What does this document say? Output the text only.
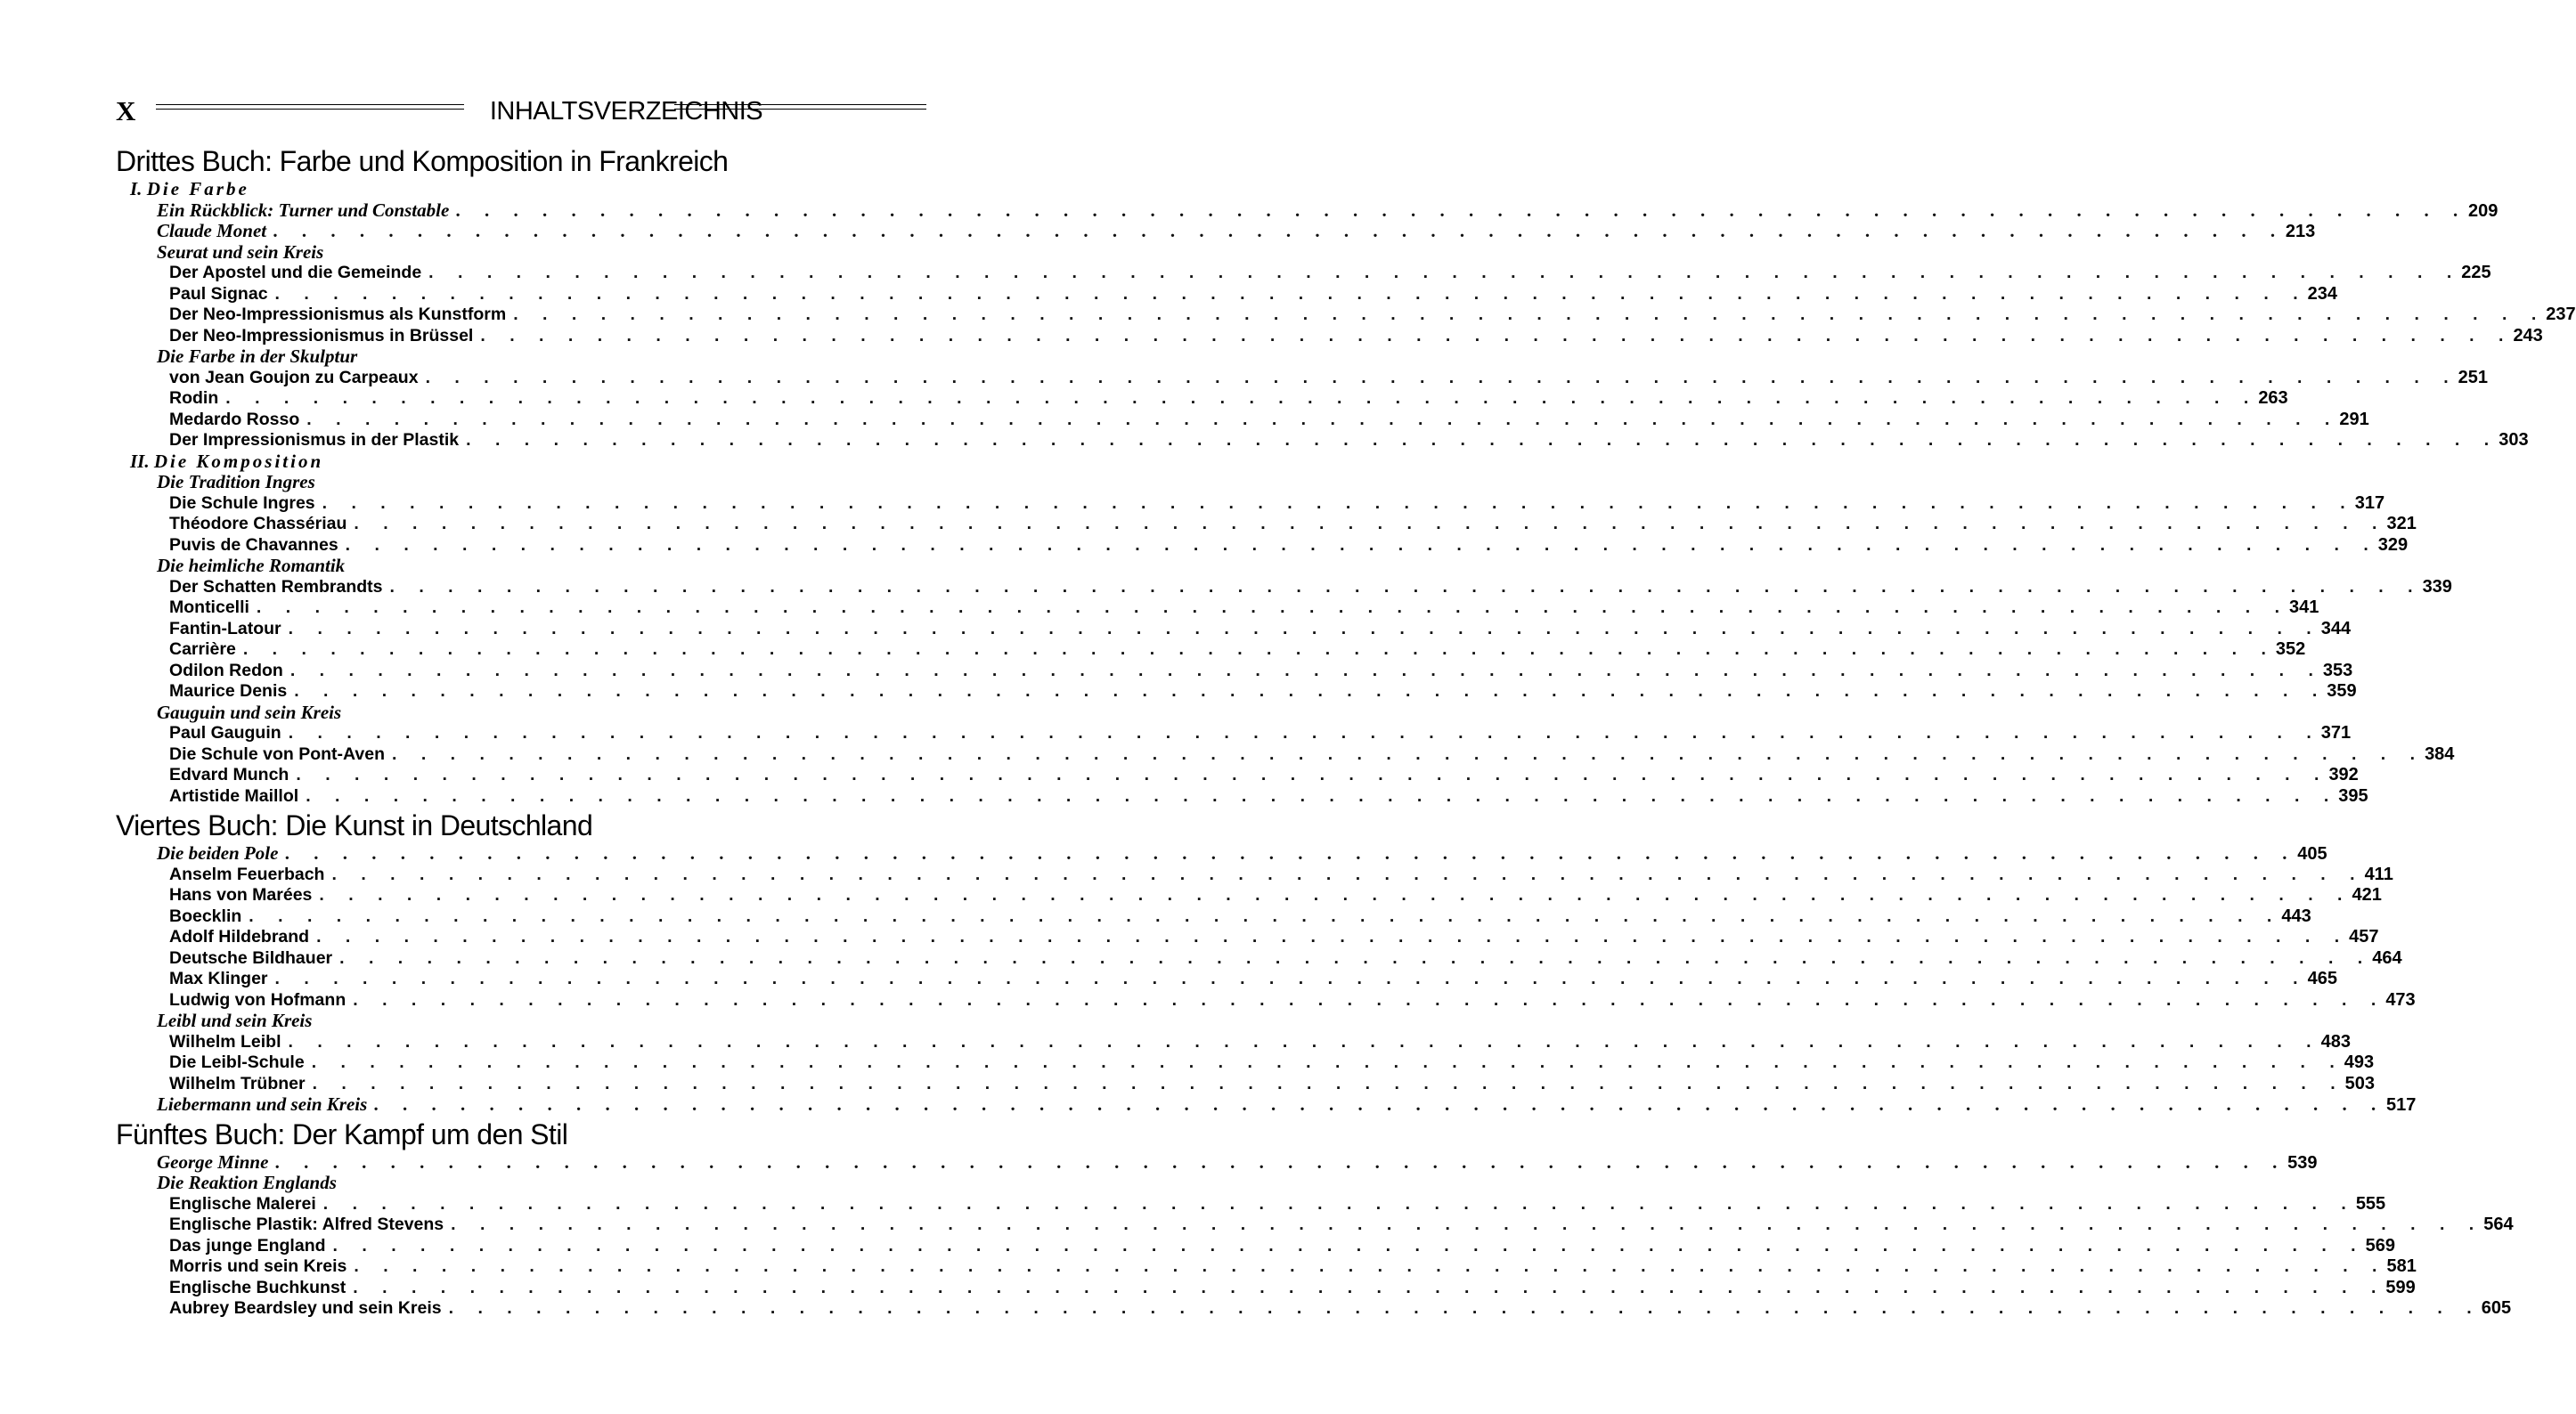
X	INHALTSVERZEICHNIS
Drittes Buch: Farbe und Komposition in Frankreich
I. Die Farbe
Ein Rückblick: Turner und Constable . . . . . . . . . . . . . . . . . . . . . . . . . . . . . . . . . . . . . . . . . . . . . . . . . . . . . . . . . . . . . . . . . . . . . . 209
Claude Monet . . . . . . . . . . . . . . . . . . . . . . . . . . . . . . . . . . . . . . . . . . . . . . . . . . . . . . . . . . . . . . . . . . . . . . 213
Seurat und sein Kreis
Der Apostel und die Gemeinde . . . . . . . . . . . . . . . . . . . . . . . . . . . . . . . . . . . . . . . . . . . . . . . . . . . . . . . . . . . . . . . . . . . . . . 225
Paul Signac . . . . . . . . . . . . . . . . . . . . . . . . . . . . . . . . . . . . . . . . . . . . . . . . . . . . . . . . . . . . . . . . . . . . . . 234
Der Neo-Impressionismus als Kunstform . . . . . . . . . . . . . . . . . . . . . . . . . . . . . . . . . . . . . . . . . . . . . . . . . . . . . . . . . . . . . . . . . . . . . . 237
Der Neo-Impressionismus in Brüssel . . . . . . . . . . . . . . . . . . . . . . . . . . . . . . . . . . . . . . . . . . . . . . . . . . . . . . . . . . . . . . . . . . . . . . 243
Die Farbe in der Skulptur
von Jean Goujon zu Carpeaux . . . . . . . . . . . . . . . . . . . . . . . . . . . . . . . . . . . . . . . . . . . . . . . . . . . . . . . . . . . . . . . . . . . . . . 251
Rodin . . . . . . . . . . . . . . . . . . . . . . . . . . . . . . . . . . . . . . . . . . . . . . . . . . . . . . . . . . . . . . . . . . . . . . 263
Medardo Rosso . . . . . . . . . . . . . . . . . . . . . . . . . . . . . . . . . . . . . . . . . . . . . . . . . . . . . . . . . . . . . . . . . . . . . . 291
Der Impressionismus in der Plastik . . . . . . . . . . . . . . . . . . . . . . . . . . . . . . . . . . . . . . . . . . . . . . . . . . . . . . . . . . . . . . . . . . . . . . 303
II. Die Komposition
Die Tradition Ingres
Die Schule Ingres . . . . . . . . . . . . . . . . . . . . . . . . . . . . . . . . . . . . . . . . . . . . . . . . . . . . . . . . . . . . . . . . . . . . . . 317
Théodore Chassériau . . . . . . . . . . . . . . . . . . . . . . . . . . . . . . . . . . . . . . . . . . . . . . . . . . . . . . . . . . . . . . . . . . . . . . 321
Puvis de Chavannes . . . . . . . . . . . . . . . . . . . . . . . . . . . . . . . . . . . . . . . . . . . . . . . . . . . . . . . . . . . . . . . . . . . . . . 329
Die heimliche Romantik
Der Schatten Rembrandts . . . . . . . . . . . . . . . . . . . . . . . . . . . . . . . . . . . . . . . . . . . . . . . . . . . . . . . . . . . . . . . . . . . . . . 339
Monticelli . . . . . . . . . . . . . . . . . . . . . . . . . . . . . . . . . . . . . . . . . . . . . . . . . . . . . . . . . . . . . . . . . . . . . . 341
Fantin-Latour . . . . . . . . . . . . . . . . . . . . . . . . . . . . . . . . . . . . . . . . . . . . . . . . . . . . . . . . . . . . . . . . . . . . . . 344
Carrière . . . . . . . . . . . . . . . . . . . . . . . . . . . . . . . . . . . . . . . . . . . . . . . . . . . . . . . . . . . . . . . . . . . . . . 352
Odilon Redon . . . . . . . . . . . . . . . . . . . . . . . . . . . . . . . . . . . . . . . . . . . . . . . . . . . . . . . . . . . . . . . . . . . . . . 353
Maurice Denis . . . . . . . . . . . . . . . . . . . . . . . . . . . . . . . . . . . . . . . . . . . . . . . . . . . . . . . . . . . . . . . . . . . . . . 359
Gauguin und sein Kreis
Paul Gauguin . . . . . . . . . . . . . . . . . . . . . . . . . . . . . . . . . . . . . . . . . . . . . . . . . . . . . . . . . . . . . . . . . . . . . . 371
Die Schule von Pont-Aven . . . . . . . . . . . . . . . . . . . . . . . . . . . . . . . . . . . . . . . . . . . . . . . . . . . . . . . . . . . . . . . . . . . . . . 384
Edvard Munch . . . . . . . . . . . . . . . . . . . . . . . . . . . . . . . . . . . . . . . . . . . . . . . . . . . . . . . . . . . . . . . . . . . . . . 392
Artistide Maillol . . . . . . . . . . . . . . . . . . . . . . . . . . . . . . . . . . . . . . . . . . . . . . . . . . . . . . . . . . . . . . . . . . . . . . 395
Viertes Buch: Die Kunst in Deutschland
Die beiden Pole . . . . . . . . . . . . . . . . . . . . . . . . . . . . . . . . . . . . . . . . . . . . . . . . . . . . . . . . . . . . . . . . . . . . . . 405
Anselm Feuerbach . . . . . . . . . . . . . . . . . . . . . . . . . . . . . . . . . . . . . . . . . . . . . . . . . . . . . . . . . . . . . . . . . . . . . . 411
Hans von Marées . . . . . . . . . . . . . . . . . . . . . . . . . . . . . . . . . . . . . . . . . . . . . . . . . . . . . . . . . . . . . . . . . . . . . . 421
Boecklin . . . . . . . . . . . . . . . . . . . . . . . . . . . . . . . . . . . . . . . . . . . . . . . . . . . . . . . . . . . . . . . . . . . . . . 443
Adolf Hildebrand . . . . . . . . . . . . . . . . . . . . . . . . . . . . . . . . . . . . . . . . . . . . . . . . . . . . . . . . . . . . . . . . . . . . . . 457
Deutsche Bildhauer . . . . . . . . . . . . . . . . . . . . . . . . . . . . . . . . . . . . . . . . . . . . . . . . . . . . . . . . . . . . . . . . . . . . . . 464
Max Klinger . . . . . . . . . . . . . . . . . . . . . . . . . . . . . . . . . . . . . . . . . . . . . . . . . . . . . . . . . . . . . . . . . . . . . . 465
Ludwig von Hofmann . . . . . . . . . . . . . . . . . . . . . . . . . . . . . . . . . . . . . . . . . . . . . . . . . . . . . . . . . . . . . . . . . . . . . . 473
Leibl und sein Kreis
Wilhelm Leibl . . . . . . . . . . . . . . . . . . . . . . . . . . . . . . . . . . . . . . . . . . . . . . . . . . . . . . . . . . . . . . . . . . . . . . 483
Die Leibl-Schule . . . . . . . . . . . . . . . . . . . . . . . . . . . . . . . . . . . . . . . . . . . . . . . . . . . . . . . . . . . . . . . . . . . . . . 493
Wilhelm Trübner . . . . . . . . . . . . . . . . . . . . . . . . . . . . . . . . . . . . . . . . . . . . . . . . . . . . . . . . . . . . . . . . . . . . . . 503
Liebermann und sein Kreis . . . . . . . . . . . . . . . . . . . . . . . . . . . . . . . . . . . . . . . . . . . . . . . . . . . . . . . . . . . . . . . . . . . . . . 517
Fünftes Buch: Der Kampf um den Stil
George Minne . . . . . . . . . . . . . . . . . . . . . . . . . . . . . . . . . . . . . . . . . . . . . . . . . . . . . . . . . . . . . . . . . . . . . . 539
Die Reaktion Englands
Englische Malerei . . . . . . . . . . . . . . . . . . . . . . . . . . . . . . . . . . . . . . . . . . . . . . . . . . . . . . . . . . . . . . . . . . . . . . 555
Englische Plastik: Alfred Stevens . . . . . . . . . . . . . . . . . . . . . . . . . . . . . . . . . . . . . . . . . . . . . . . . . . . . . . . . . . . . . . . . . . . . . . 564
Das junge England . . . . . . . . . . . . . . . . . . . . . . . . . . . . . . . . . . . . . . . . . . . . . . . . . . . . . . . . . . . . . . . . . . . . . . 569
Morris und sein Kreis . . . . . . . . . . . . . . . . . . . . . . . . . . . . . . . . . . . . . . . . . . . . . . . . . . . . . . . . . . . . . . . . . . . . . . 581
Englische Buchkunst . . . . . . . . . . . . . . . . . . . . . . . . . . . . . . . . . . . . . . . . . . . . . . . . . . . . . . . . . . . . . . . . . . . . . . 599
Aubrey Beardsley und sein Kreis . . . . . . . . . . . . . . . . . . . . . . . . . . . . . . . . . . . . . . . . . . . . . . . . . . . . . . . . . . . . . . . . . . . . . . 605
